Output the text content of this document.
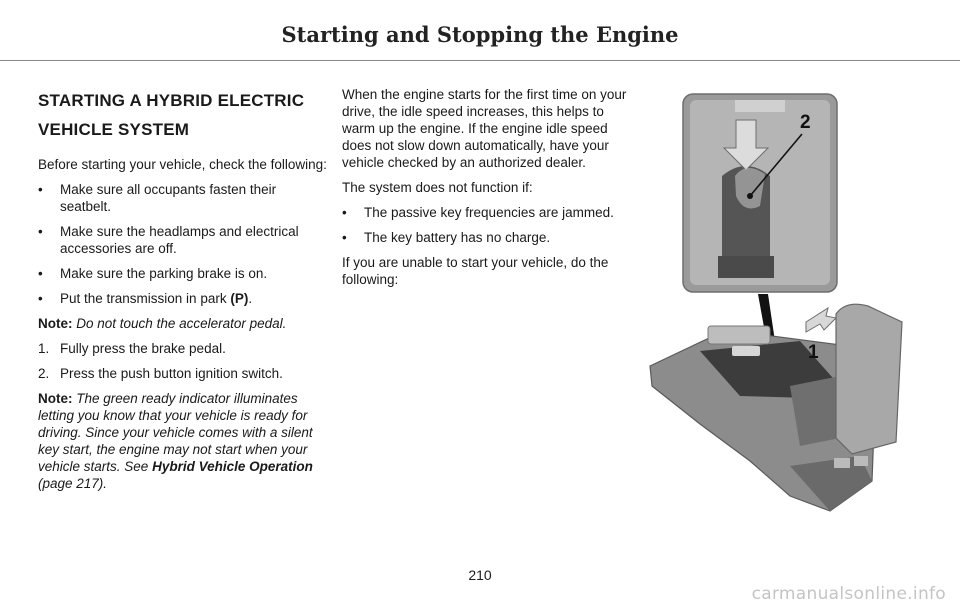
Starting and Stopping the Engine
STARTING A HYBRID ELECTRIC
VEHICLE SYSTEM

Before starting your vehicle, check the following:

• Make sure all occupants fasten their seatbelt.
• Make sure the headlamps and electrical accessories are off.
• Make sure the parking brake is on.
• Put the transmission in park (P).

Note: Do not touch the accelerator pedal.

1. Fully press the brake pedal.
2. Press the push button ignition switch.

Note: The green ready indicator illuminates letting you know that your vehicle is ready for driving. Since your vehicle comes with a silent key start, the engine may not start when your vehicle starts. See Hybrid Vehicle Operation (page 217).

When the engine starts for the first time on your drive, the idle speed increases, this helps to warm up the engine. If the engine idle speed does not slow down automatically, have your vehicle checked by an authorized dealer.

The system does not function if:

• The passive key frequencies are jammed.
• The key battery has no charge.

If you are unable to start your vehicle, do the following:

2
1
210
carmanualsonline.info
